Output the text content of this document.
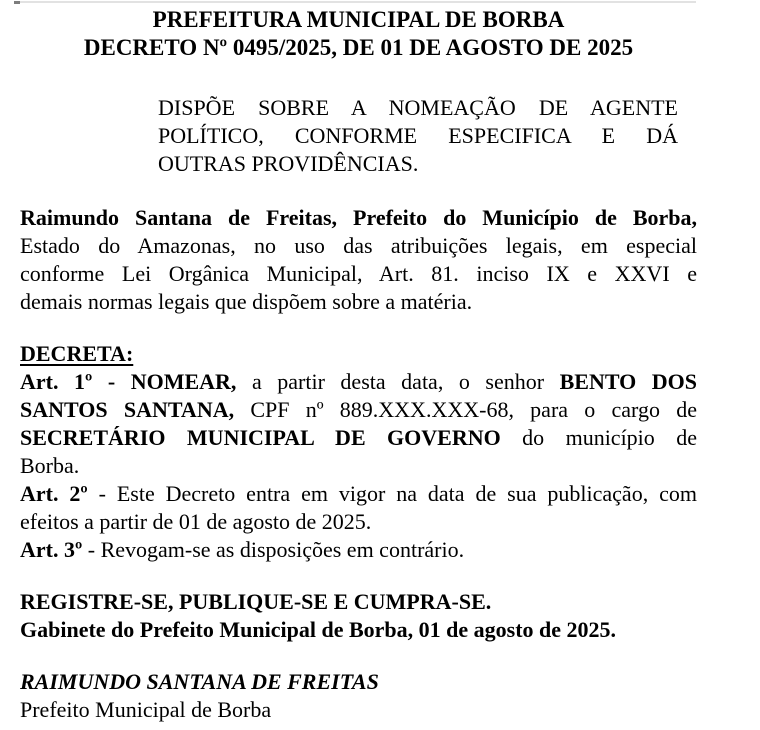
PREFEITURA MUNICIPAL DE BORBA
DECRETO Nº 0495/2025, DE 01 DE AGOSTO DE 2025
DISPÕE SOBRE A NOMEAÇÃO DE AGENTE
POLÍTICO, CONFORME ESPECIFICA E DÁ
OUTRAS PROVIDÊNCIAS.
Raimundo Santana de Freitas, Prefeito do Município de Borba,
Estado do Amazonas, no uso das atribuições legais, em especial
conforme Lei Orgânica Municipal, Art. 81. inciso IX e XXVI e
demais normas legais que dispõem sobre a matéria.
DECRETA:
Art. 1º - NOMEAR, a partir desta data, o senhor BENTO DOS
SANTOS SANTANA, CPF nº 889.XXX.XXX-68, para o cargo de
SECRETÁRIO MUNICIPAL DE GOVERNO do município de
Borba.
Art. 2º - Este Decreto entra em vigor na data de sua publicação, com
efeitos a partir de 01 de agosto de 2025.
Art. 3º - Revogam-se as disposições em contrário.
REGISTRE-SE, PUBLIQUE-SE E CUMPRA-SE.
Gabinete do Prefeito Municipal de Borba, 01 de agosto de 2025.
RAIMUNDO SANTANA DE FREITAS
Prefeito Municipal de Borba
